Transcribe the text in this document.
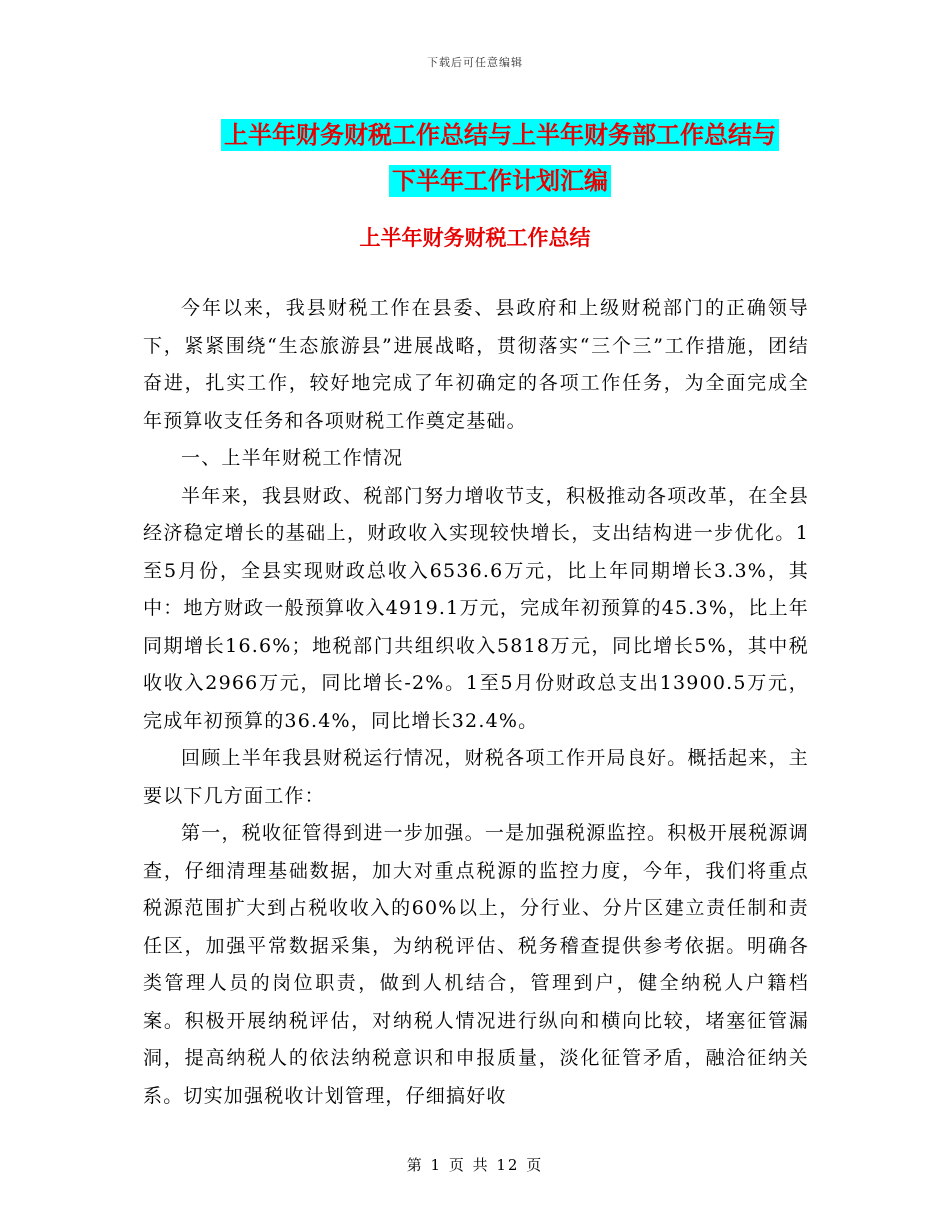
下载后可任意编辑
上半年财务财税工作总结与上半年财务部工作总结与
下半年工作计划汇编
上半年财务财税工作总结

今年以来，我县财税工作在县委、县政府和上级财税部门的正确领导下，紧紧围绕“生态旅游县”进展战略，贯彻落实“三个三”工作措施，团结奋进，扎实工作，较好地完成了年初确定的各项工作任务，为全面完成全年预算收支任务和各项财税工作奠定基础。

一、上半年财税工作情况

半年来，我县财政、税部门努力增收节支，积极推动各项改革，在全县经济稳定增长的基础上，财政收入实现较快增长，支出结构进一步优化。1至5月份，全县实现财政总收入6536.6万元，比上年同期增长3.3%，其中：地方财政一般预算收入4919.1万元，完成年初预算的45.3%，比上年同期增长16.6%；地税部门共组织收入5818万元，同比增长5%，其中税收收入2966万元，同比增长-2%。1至5月份财政总支出13900.5万元，完成年初预算的36.4%，同比增长32.4%。

回顾上半年我县财税运行情况，财税各项工作开局良好。概括起来，主要以下几方面工作：

第一，税收征管得到进一步加强。一是加强税源监控。积极开展税源调查，仔细清理基础数据，加大对重点税源的监控力度，今年，我们将重点税源范围扩大到占税收收入的60%以上，分行业、分片区建立责任制和责任区，加强平常数据采集，为纳税评估、税务稽查提供参考依据。明确各类管理人员的岗位职责，做到人机结合，管理到户，健全纳税人户籍档案。积极开展纳税评估，对纳税人情况进行纵向和横向比较，堵塞征管漏洞，提高纳税人的依法纳税意识和申报质量，淡化征管矛盾，融洽征纳关系。切实加强税收计划管理，仔细搞好收

第 1 页 共 12 页
